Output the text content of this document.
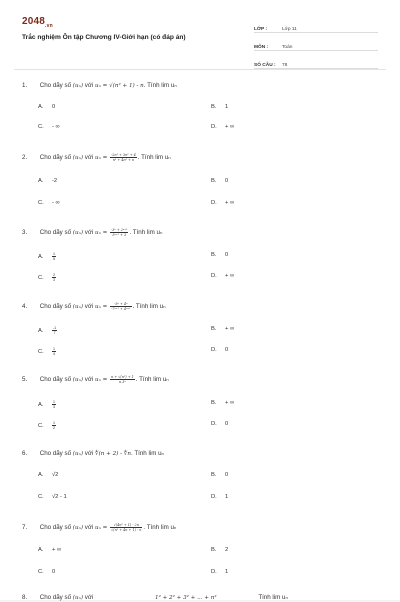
$2048_{.vn}$
Trắc nghiệm Ôn tập Chương IV-Giới hạn (có đáp án)
LỚP :	Lớp 11
MÔN :	Toán
SỐ CÂU :	78
1. Cho dãy số (uₙ) với uₙ = √(n² + 1) - n. Tính lim uₙ
A. 0	B. 1
C. - ∞	D. + ∞
2. Cho dãy số (uₙ) với $u_n = \frac{\text{-2n³ + 3n² + 4}}{\text{n³ + 4n² + n}}$ . Tính lim uₙ
A. -2	B. 0
C. - ∞	D. + ∞
3. Cho dãy số (uₙ) với $u_n = \frac{\text{-3ⁿ + 2ⁿ⁺¹}}{\text{5ⁿ⁺¹ + 3}}$ . Tính lim uₙ
A. $\frac{1}{5}$	B. 0
C. $\frac{2}{3}$	D. + ∞
4. Cho dãy số (uₙ) với $u_n = \frac{\text{-5ⁿ + 4ⁿ}}{\text{-7ⁿ⁺¹ + 4ⁿ⁺¹}}$ . Tính lim uₙ
A. $\frac{-1}{7}$	B. + ∞
C. $\frac{1}{4}$	D. 0
5. Cho dãy số (uₙ) với $u_n = \frac{\text{n + √(n²) + 1}}{\text{n.3ⁿ}}$ . Tính lim uₙ
A. $\frac{1}{3}$	B. + ∞
C. $\frac{1}{2}$	D. 0
6. Cho dãy số (uₙ) với ∜(n + 2) - ∜n. Tính lim uₙ
A. √2	B. 0
C. √2 - 1	D. 1
7. Cho dãy số (uₙ) với $u_n = \frac{\text{√(4n² + 1) - 2n}}{\text{√(n² + 4n + 1) - n}}$ . Tính lim uₙ
A. + ∞	B. 2
C. 0	D. 1
8. Cho dãy số (uₙ) với	1² + 2² + 3² + ... + n²	Tính lim uₙ
